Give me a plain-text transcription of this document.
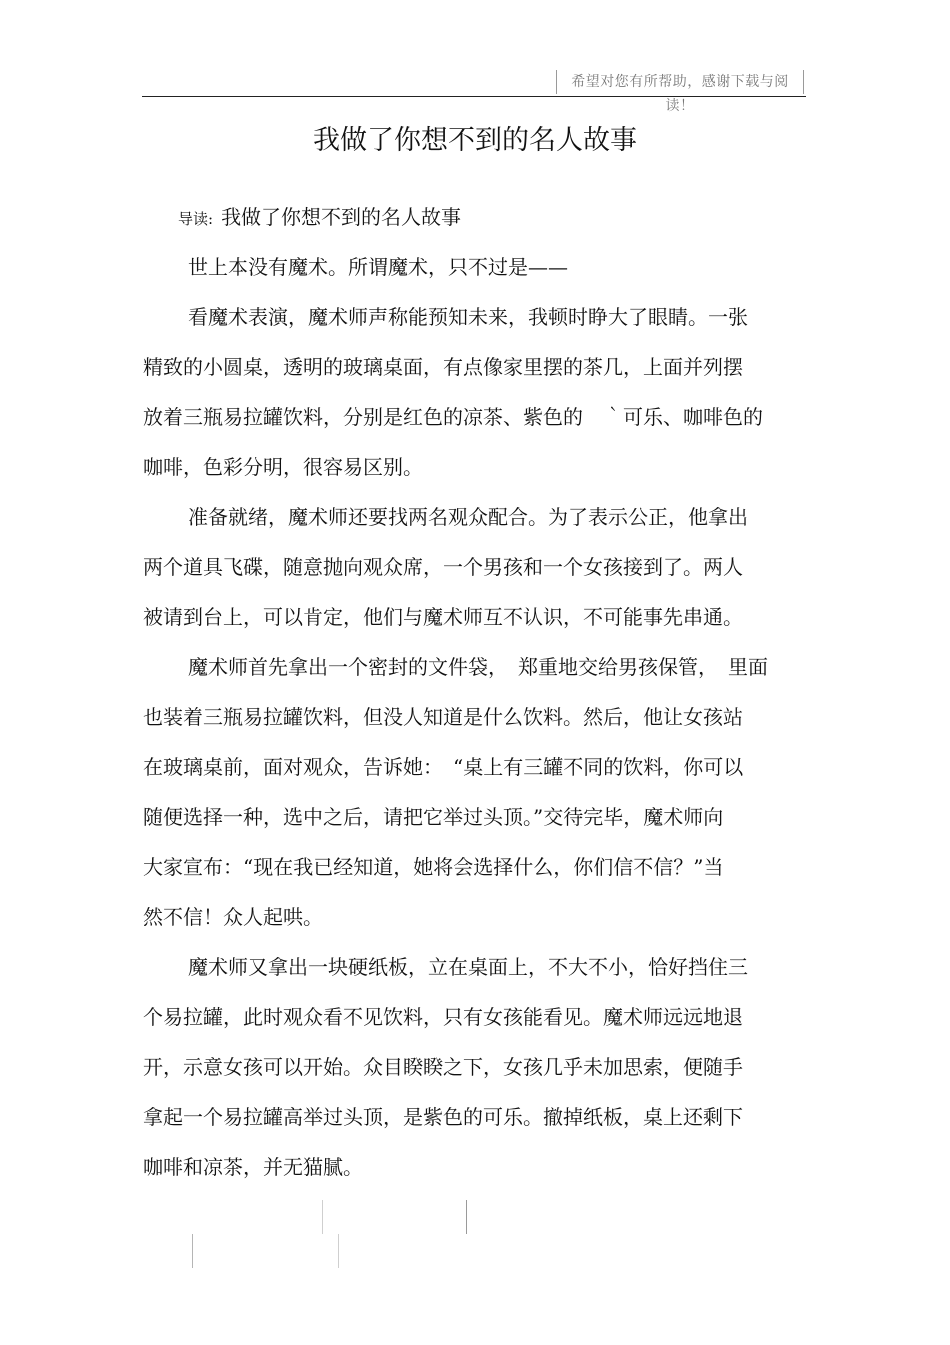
希望对您有所帮助，感谢下载与阅读！
我做了你想不到的名人故事
导读: 我做了你想不到的名人故事
世上本没有魔术。所谓魔术，只不过是——
看魔术表演，魔术师声称能预知未来，我顿时睁大了眼睛。一张
精致的小圆桌，透明的玻璃桌面，有点像家里摆的茶几，上面并列摆
放着三瓶易拉罐饮料，分别是红色的凉茶、紫色的　｀可乐、咖啡色的
咖啡，色彩分明，很容易区别。
准备就绪，魔术师还要找两名观众配合。为了表示公正，他拿出
两个道具飞碟，随意抛向观众席，一个男孩和一个女孩接到了。两人
被请到台上，可以肯定，他们与魔术师互不认识，不可能事先串通。
魔术师首先拿出一个密封的文件袋，　郑重地交给男孩保管，　里面
也装着三瓶易拉罐饮料，但没人知道是什么饮料。然后，他让女孩站
在玻璃桌前，面对观众，告诉她：　“桌上有三罐不同的饮料，你可以
随便选择一种，选中之后，请把它举过头顶。”交待完毕，魔术师向
大家宣布：“现在我已经知道，她将会选择什么，你们信不信？”当
然不信！众人起哄。
魔术师又拿出一块硬纸板，立在桌面上，不大不小，恰好挡住三
个易拉罐，此时观众看不见饮料，只有女孩能看见。魔术师远远地退
开，示意女孩可以开始。众目睽睽之下，女孩几乎未加思索，便随手
拿起一个易拉罐高举过头顶，是紫色的可乐。撤掉纸板，桌上还剩下
咖啡和凉茶，并无猫腻。
